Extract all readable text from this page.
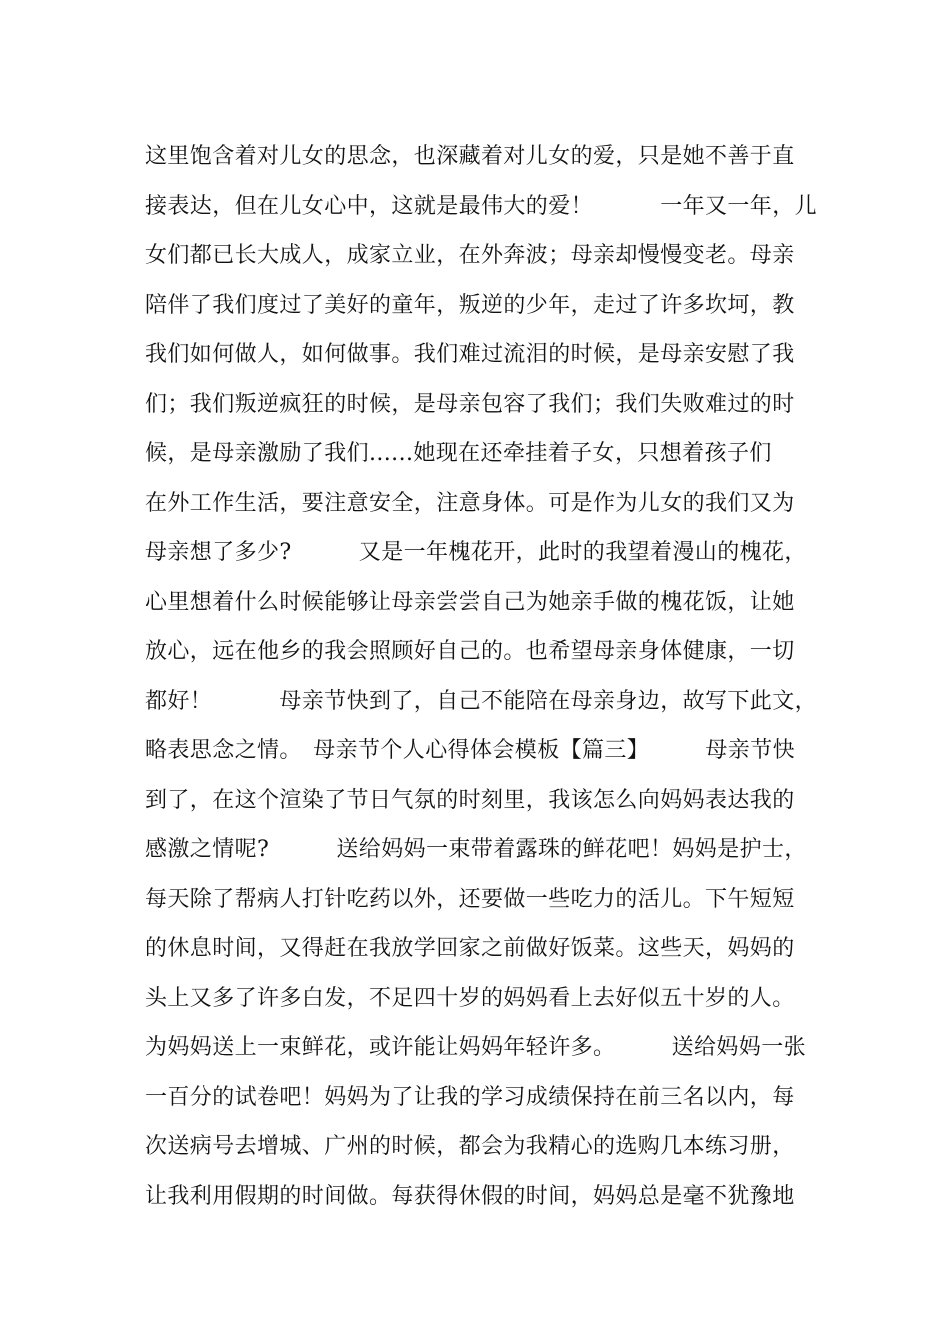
这里饱含着对儿女的思念，也深藏着对儿女的爱，只是她不善于直
接表达，但在儿女心中，这就是最伟大的爱！　　　一年又一年，儿
女们都已长大成人，成家立业，在外奔波；母亲却慢慢变老。母亲
陪伴了我们度过了美好的童年，叛逆的少年，走过了许多坎坷，教
我们如何做人，如何做事。我们难过流泪的时候，是母亲安慰了我
们；我们叛逆疯狂的时候，是母亲包容了我们；我们失败难过的时
候，是母亲激励了我们......她现在还牵挂着子女，只想着孩子们
在外工作生活，要注意安全，注意身体。可是作为儿女的我们又为
母亲想了多少?　　　又是一年槐花开，此时的我望着漫山的槐花，
心里想着什么时候能够让母亲尝尝自己为她亲手做的槐花饭，让她
放心，远在他乡的我会照顾好自己的。也希望母亲身体健康，一切
都好！　　　母亲节快到了，自己不能陪在母亲身边，故写下此文，
略表思念之情。　母亲节个人心得体会模板【篇三】　　　母亲节快
到了，在这个渲染了节日气氛的时刻里，我该怎么向妈妈表达我的
感激之情呢?　　　送给妈妈一束带着露珠的鲜花吧！妈妈是护士，
每天除了帮病人打针吃药以外，还要做一些吃力的活儿。下午短短
的休息时间，又得赶在我放学回家之前做好饭菜。这些天，妈妈的
头上又多了许多白发，不足四十岁的妈妈看上去好似五十岁的人。
为妈妈送上一束鲜花，或许能让妈妈年轻许多。　　　送给妈妈一张
一百分的试卷吧！妈妈为了让我的学习成绩保持在前三名以内，每
次送病号去增城、广州的时候，都会为我精心的选购几本练习册，
让我利用假期的时间做。每获得休假的时间，妈妈总是毫不犹豫地
